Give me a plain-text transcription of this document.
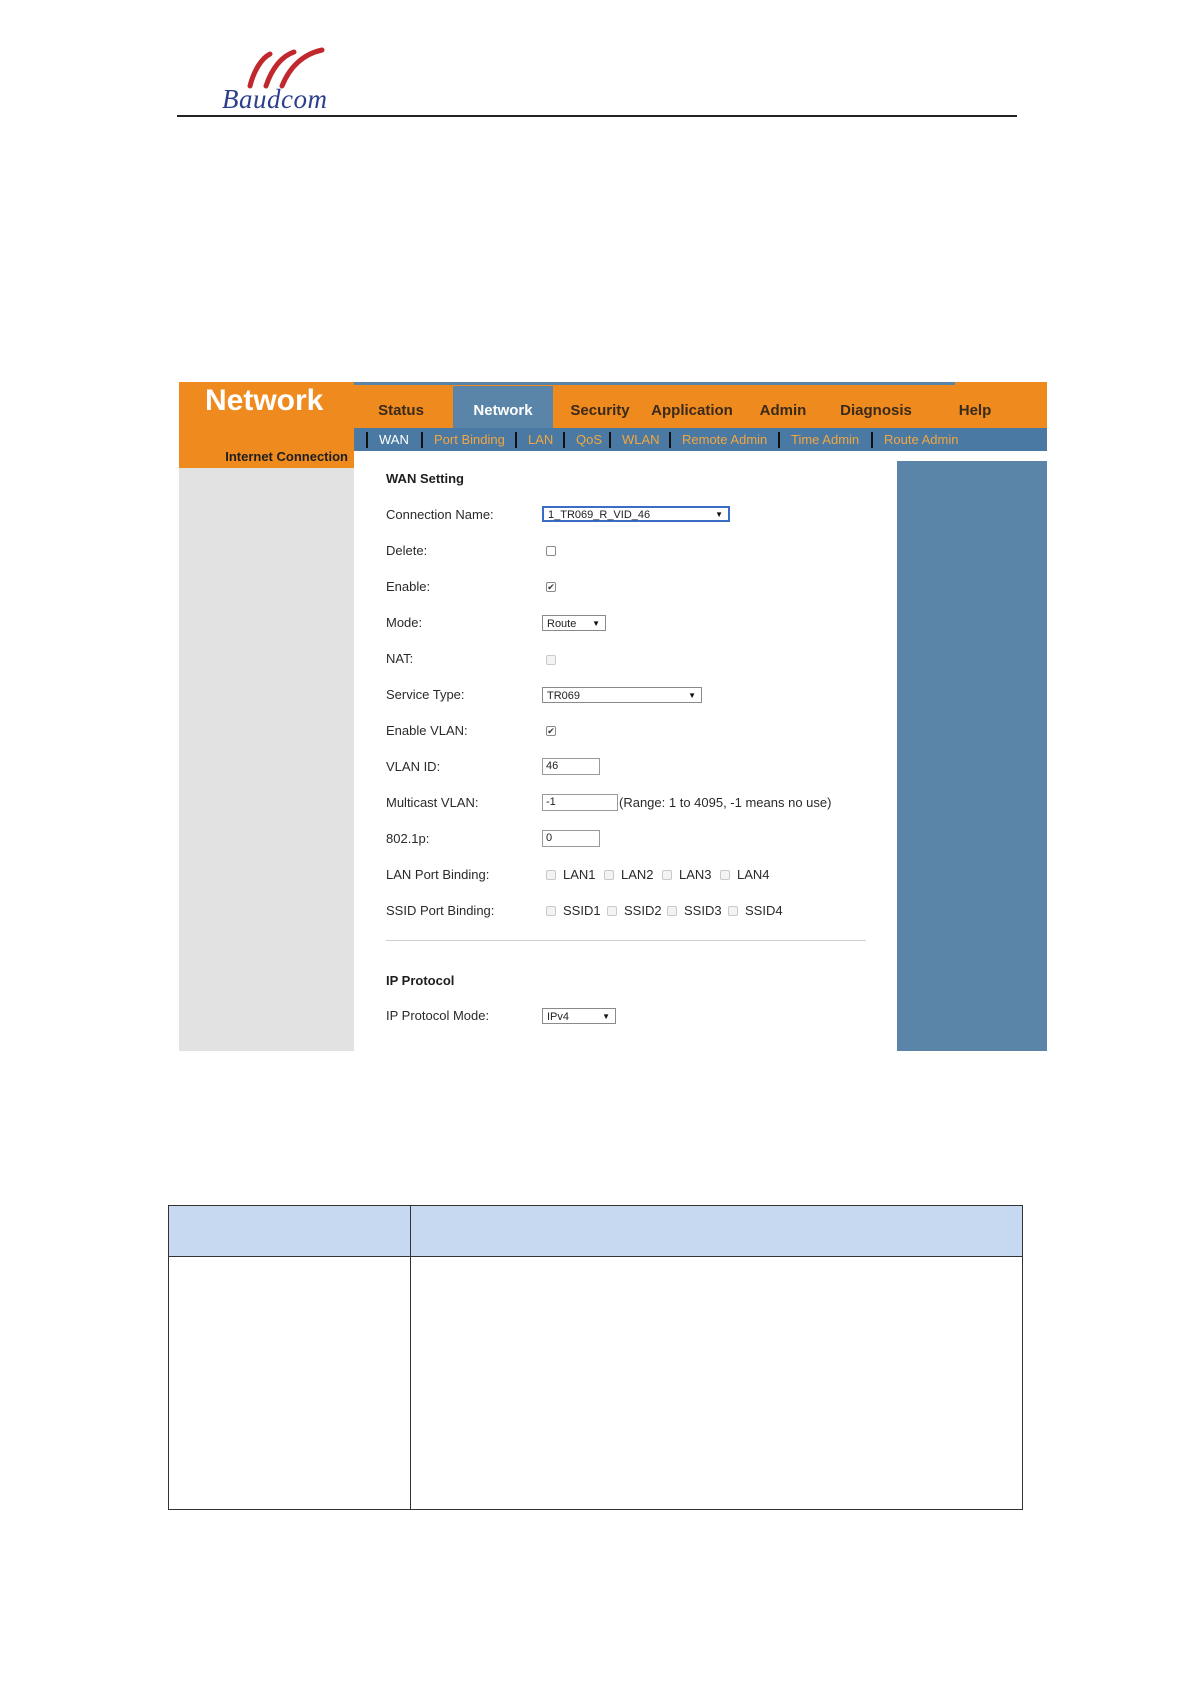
Baudcom
Network	Status	Network	Security	Application	Admin	Diagnosis	Help
WAN Port Binding LAN QoS WLAN Remote Admin Time Admin Route Admin
Internet Connection
WAN Setting
Connection Name:	1_TR069_R_VID_46	▼
Delete:
Enable:	✔
Mode:	Route ▼
NAT:
Service Type:	TR069	▼
Enable VLAN:	✔
VLAN ID:	46
Multicast VLAN:	-1	(Range: 1 to 4095, -1 means no use)
802.1p:	0
LAN Port Binding:	LAN1 LAN2 LAN3 LAN4
SSID Port Binding:	SSID1 SSID2 SSID3 SSID4
IP Protocol
IP Protocol Mode:	IPv4	▼
